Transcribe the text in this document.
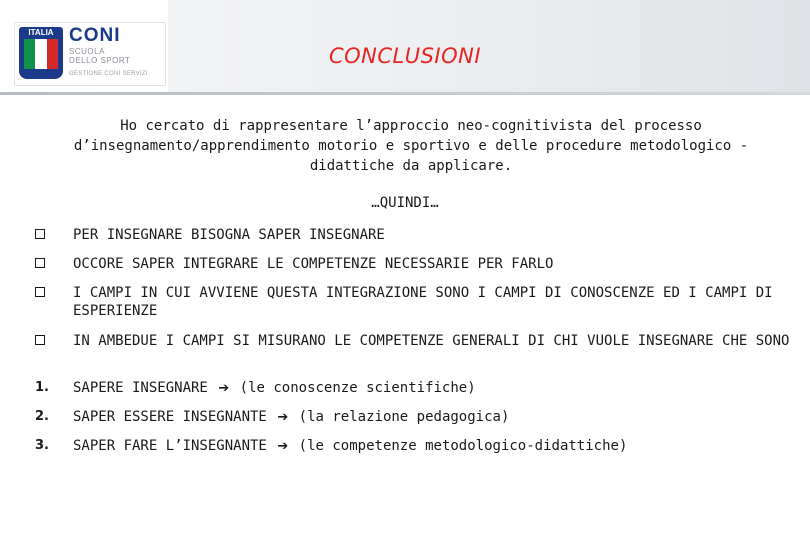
ITALIA CONI
SCUOLA
DELLO SPORT
GESTIONE CONI SERVIZI
CONCLUSIONI
Ho cercato di rappresentare l’approccio neo-cognitivista del processo d’insegnamento/apprendimento motorio e sportivo e delle procedure metodologico -didattiche da applicare.
…QUINDI…
PER INSEGNARE BISOGNA SAPER INSEGNARE
OCCORE SAPER INTEGRARE LE COMPETENZE NECESSARIE PER FARLO
I CAMPI IN CUI AVVIENE QUESTA INTEGRAZIONE SONO I CAMPI DI CONOSCENZE ED I CAMPI DI ESPERIENZE
IN AMBEDUE I CAMPI SI MISURANO LE COMPETENZE GENERALI DI CHI VUOLE INSEGNARE CHE SONO
1.	SAPERE INSEGNARE ➔ (le conoscenze scientifiche)
2.	SAPER ESSERE INSEGNANTE ➔ (la relazione pedagogica)
3.	SAPER FARE L’INSEGNANTE ➔ (le competenze metodologico-didattiche)
